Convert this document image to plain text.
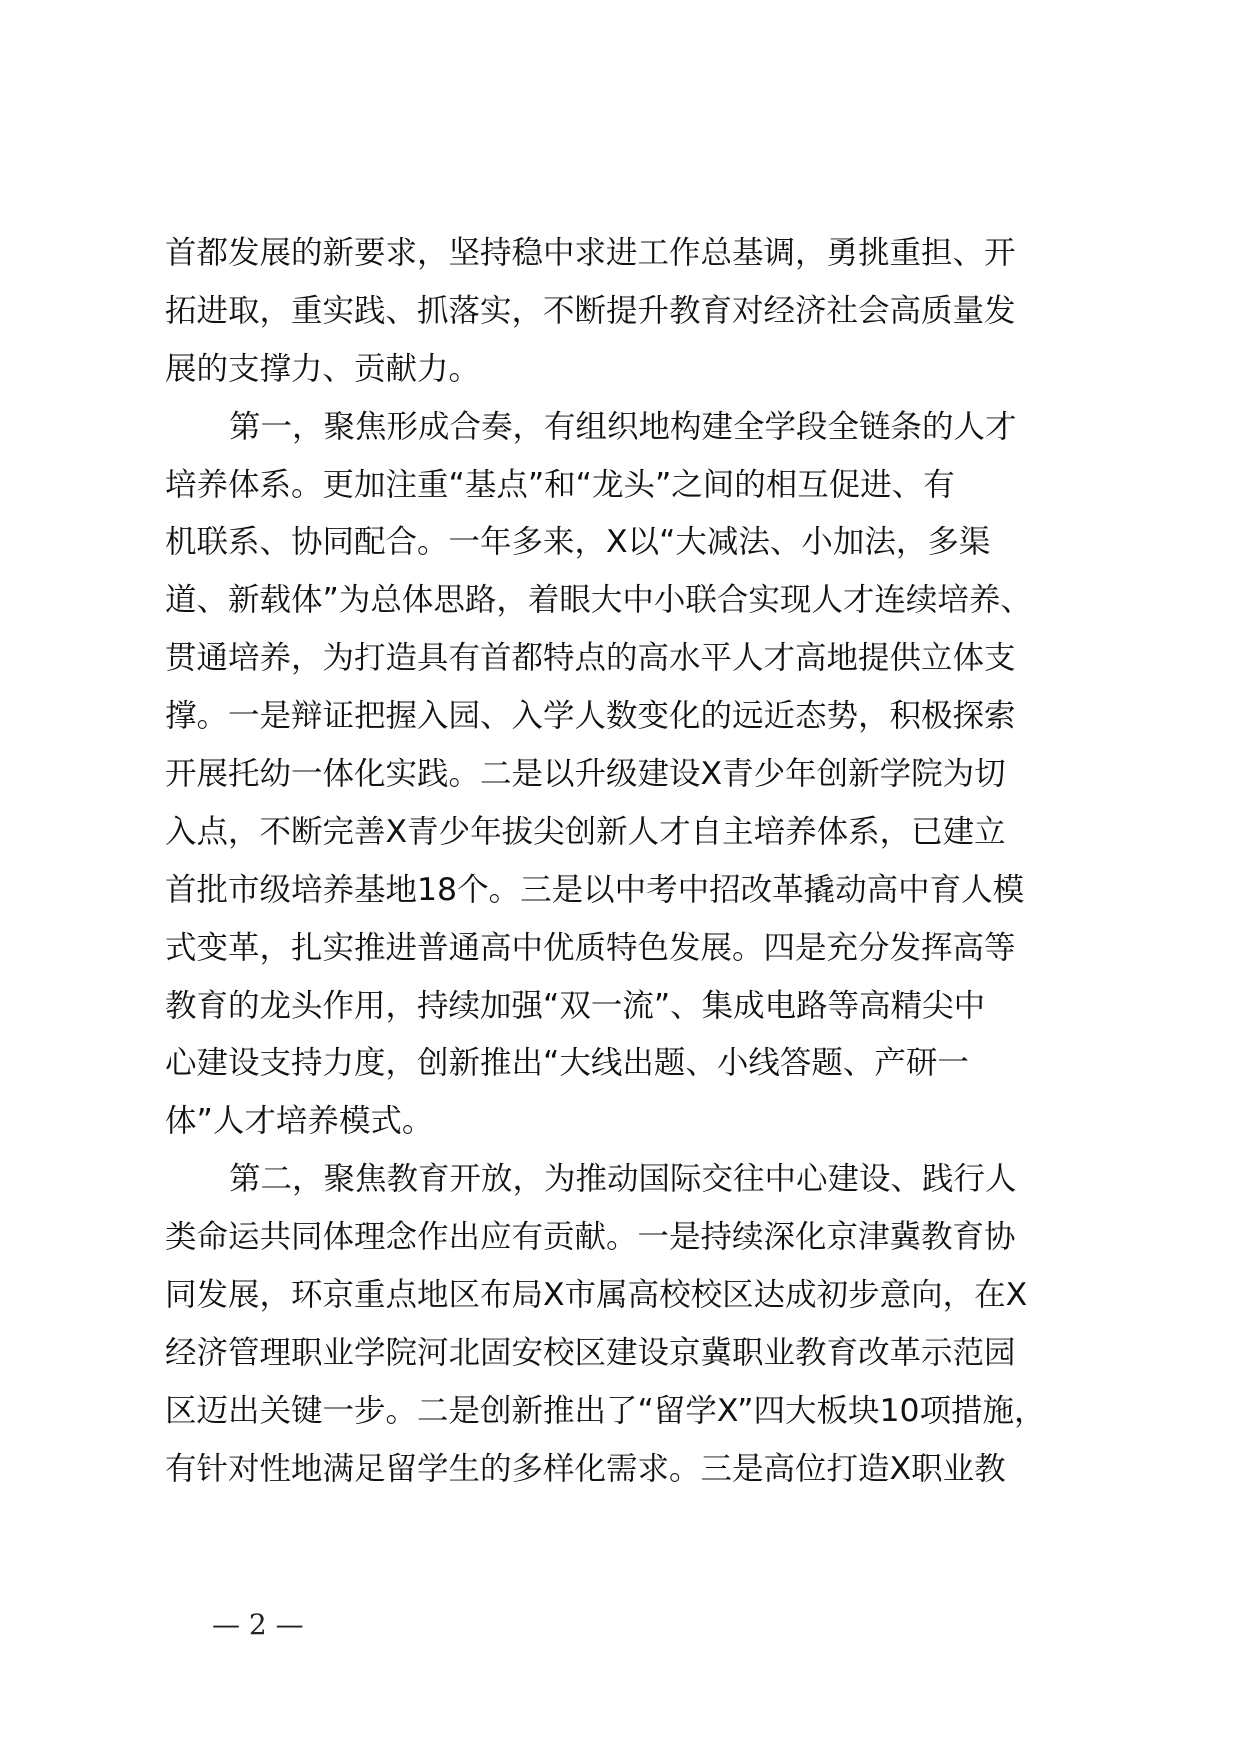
首都发展的新要求，坚持稳中求进工作总基调，勇挑重担、开
拓进取，重实践、抓落实，不断提升教育对经济社会高质量发
展的支撑力、贡献力。
第一，聚焦形成合奏，有组织地构建全学段全链条的人才
培养体系。更加注重“基点”和“龙头”之间的相互促进、有
机联系、协同配合。一年多来，X以“大减法、小加法，多渠
道、新载体”为总体思路，着眼大中小联合实现人才连续培养、
贯通培养，为打造具有首都特点的高水平人才高地提供立体支
撑。一是辩证把握入园、入学人数变化的远近态势，积极探索
开展托幼一体化实践。二是以升级建设X青少年创新学院为切
入点，不断完善X青少年拔尖创新人才自主培养体系，已建立
首批市级培养基地18个。三是以中考中招改革撬动高中育人模
式变革，扎实推进普通高中优质特色发展。四是充分发挥高等
教育的龙头作用，持续加强“双一流”、集成电路等高精尖中
心建设支持力度，创新推出“大线出题、小线答题、产研一
体”人才培养模式。
第二，聚焦教育开放，为推动国际交往中心建设、践行人
类命运共同体理念作出应有贡献。一是持续深化京津冀教育协
同发展，环京重点地区布局X市属高校校区达成初步意向，在X
经济管理职业学院河北固安校区建设京冀职业教育改革示范园
区迈出关键一步。二是创新推出了“留学X”四大板块10项措施，
有针对性地满足留学生的多样化需求。三是高位打造X职业教
— 2 —
